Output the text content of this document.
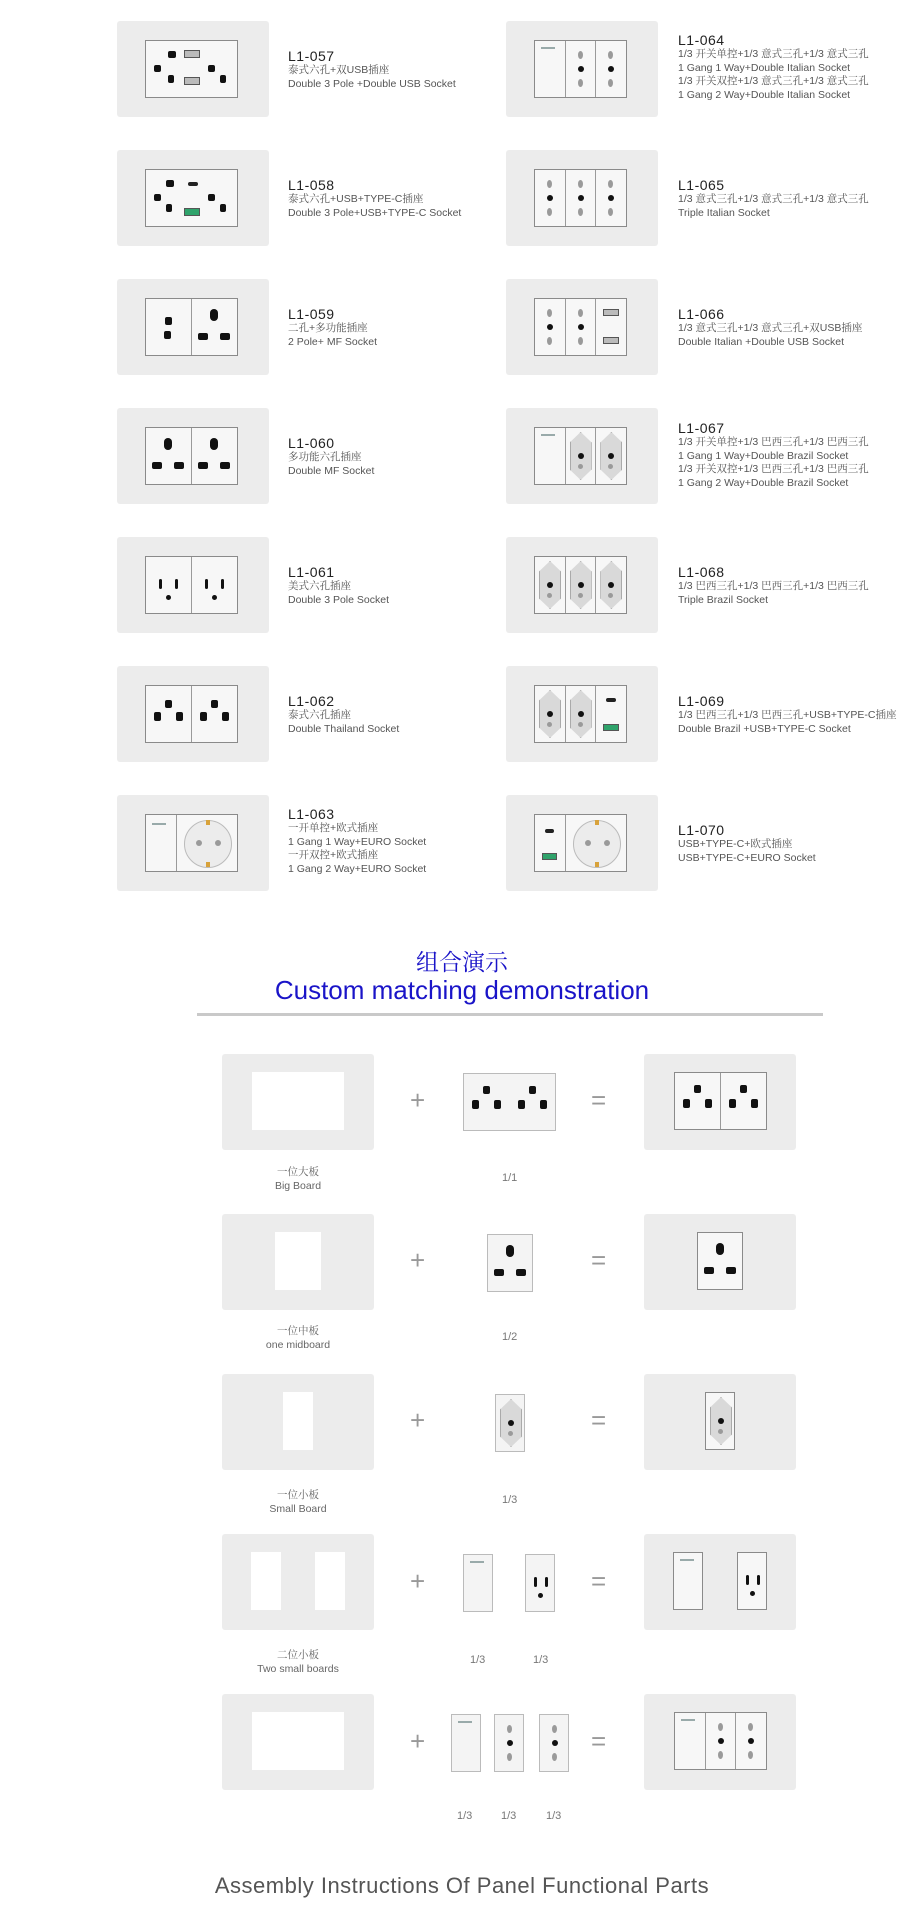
L1-057
泰式六孔+双USB插座
Double 3 Pole +Double USB Socket
L1-058
泰式六孔+USB+TYPE-C插座
Double 3 Pole+USB+TYPE-C Socket
L1-059
二孔+多功能插座
2 Pole+ MF Socket
L1-060
多功能六孔插座
Double MF Socket
L1-061
美式六孔插座
Double 3 Pole Socket
L1-062
泰式六孔插座
Double Thailand Socket
L1-063
一开单控+欧式插座
1 Gang 1 Way+EURO Socket
一开双控+欧式插座
1 Gang 2 Way+EURO Socket
L1-064
1/3 开关单控+1/3 意式三孔+1/3 意式三孔
1 Gang 1 Way+Double Italian Socket
1/3 开关双控+1/3 意式三孔+1/3 意式三孔
1 Gang 2 Way+Double Italian Socket
L1-065
1/3 意式三孔+1/3 意式三孔+1/3 意式三孔
Triple Italian Socket
L1-066
1/3 意式三孔+1/3 意式三孔+双USB插座
Double Italian +Double USB Socket
L1-067
1/3 开关单控+1/3 巴西三孔+1/3 巴西三孔
1 Gang 1 Way+Double Brazil Socket
1/3 开关双控+1/3 巴西三孔+1/3 巴西三孔
1 Gang 2 Way+Double Brazil Socket
L1-068
1/3 巴西三孔+1/3 巴西三孔+1/3 巴西三孔
Triple Brazil Socket
L1-069
1/3 巴西三孔+1/3 巴西三孔+USB+TYPE-C插座
Double Brazil +USB+TYPE-C Socket
L1-070
USB+TYPE-C+欧式插座
USB+TYPE-C+EURO Socket
组合演示
Custom matching demonstration
+	=
一位大板
Big Board
1/1
+	=
一位中板
one midboard
1/2
+	=
一位小板
Small Board
1/3
+	=
二位小板
Two small boards
1/3	1/3
+	=
1/3	1/3	1/3
Assembly Instructions Of Panel Functional Parts
